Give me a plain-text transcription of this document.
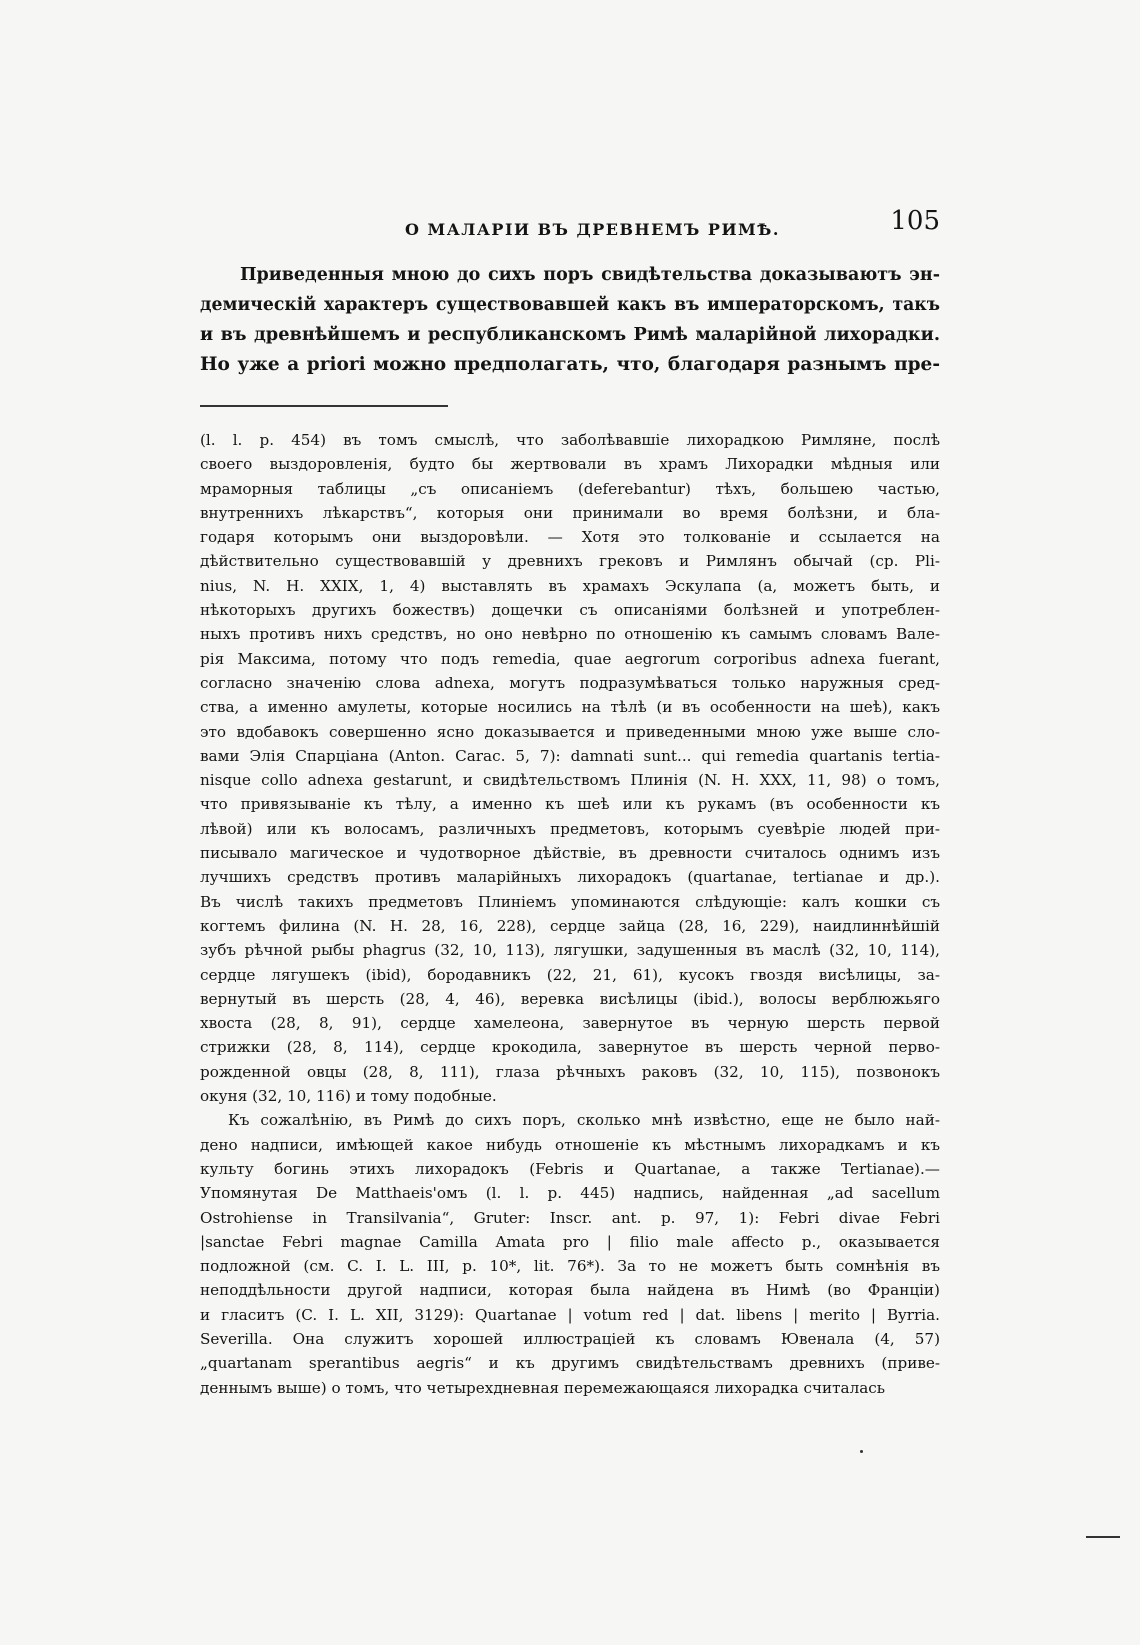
О МАЛАРІИ ВЪ ДРЕВНЕМЪ РИМѢ.	105
Приведенныя мною до сихъ поръ свидѣтельства доказываютъ эн-
демическій характеръ существовавшей какъ въ императорскомъ, такъ
и въ древнѣйшемъ и республиканскомъ Римѣ маларійной лихорадки.
Но уже a priori можно предполагать, что, благодаря разнымъ пре-
(l. l. p. 454) въ томъ смыслѣ, что заболѣвавшіе лихорадкою Римляне, послѣ
своего выздоровленія, будто бы жертвовали въ храмъ Лихорадки мѣдныя или
мраморныя таблицы „съ описаніемъ (deferebantur) тѣхъ, большею частью,
внутреннихъ лѣкарствъ“, которыя они принимали во время болѣзни, и бла-
годаря которымъ они выздоровѣли. — Хотя это толкованіе и ссылается на
дѣйствительно существовавшій у древнихъ грековъ и Римлянъ обычай (ср. Pli-
nius, N. H. XXIX, 1, 4) выставлять въ храмахъ Эскулапа (а, можетъ быть, и
нѣкоторыхъ другихъ божествъ) дощечки съ описаніями болѣзней и употреблен-
ныхъ противъ нихъ средствъ, но оно невѣрно по отношенію къ самымъ словамъ Вале-
рія Максима, потому что подъ remedia, quae aegrorum corporibus adnexa fuerant,
согласно значенію слова adnexa, могутъ подразумѣваться только наружныя сред-
ства, а именно амулеты, которые носились на тѣлѣ (и въ особенности на шеѣ), какъ
это вдобавокъ совершенно ясно доказывается и приведенными мною уже выше сло-
вами Элія Спарціана (Anton. Carac. 5, 7): damnati sunt... qui remedia quartanis tertia-
nisque collo adnexa gestarunt, и свидѣтельствомъ Плинія (N. H. XXX, 11, 98) о томъ,
что привязываніе къ тѣлу, а именно къ шеѣ или къ рукамъ (въ особенности къ
лѣвой) или къ волосамъ, различныхъ предметовъ, которымъ суевѣріе людей при-
писывало магическое и чудотворное дѣйствіе, въ древности считалось однимъ изъ
лучшихъ средствъ противъ маларійныхъ лихорадокъ (quartanae, tertianae и др.).
Въ числѣ такихъ предметовъ Плиніемъ упоминаются слѣдующіе: калъ кошки съ
когтемъ филина (N. H. 28, 16, 228), сердце зайца (28, 16, 229), наидлиннѣйшій
зубъ рѣчной рыбы phagrus (32, 10, 113), лягушки, задушенныя въ маслѣ (32, 10, 114),
сердце лягушекъ (ibid), бородавникъ (22, 21, 61), кусокъ гвоздя висѣлицы, за-
вернутый въ шерсть (28, 4, 46), веревка висѣлицы (ibid.), волосы верблюжьяго
хвоста (28, 8, 91), сердце хамелеона, завернутое въ черную шерсть первой
стрижки (28, 8, 114), сердце крокодила, завернутое въ шерсть черной перво-
рожденной овцы (28, 8, 111), глаза рѣчныхъ раковъ (32, 10, 115), позвонокъ
окуня (32, 10, 116) и тому подобные.
Къ сожалѣнію, въ Римѣ до сихъ поръ, сколько мнѣ извѣстно, еще не было най-
дено надписи, имѣющей какое нибудь отношеніе къ мѣстнымъ лихорадкамъ и къ
культу богинь этихъ лихорадокъ (Febris и Quartanae, а также Tertianae).—
Упомянутая De Matthaeis'омъ (l. l. p. 445) надпись, найденная „ad sacellum
Ostrohiense in Transilvania“, Gruter: Inscr. ant. p. 97, 1): Febri divae Febri
|sanctae Febri magnae Camilla Amata pro | filio male affecto p., оказывается
подложной (см. C. I. L. III, p. 10*, lit. 76*). За то не можетъ быть сомнѣнія въ
неподдѣльности другой надписи, которая была найдена въ Нимѣ (во Франціи)
и гласитъ (C. I. L. XII, 3129): Quartanae | votum red | dat. libens | merito | Byrria.
Severilla. Она служитъ хорошей иллюстраціей къ словамъ Ювенала (4, 57)
„quartanam sperantibus aegris“ и къ другимъ свидѣтельствамъ древнихъ (приве-
деннымъ выше) о томъ, что четырехдневная перемежающаяся лихорадка считалась
